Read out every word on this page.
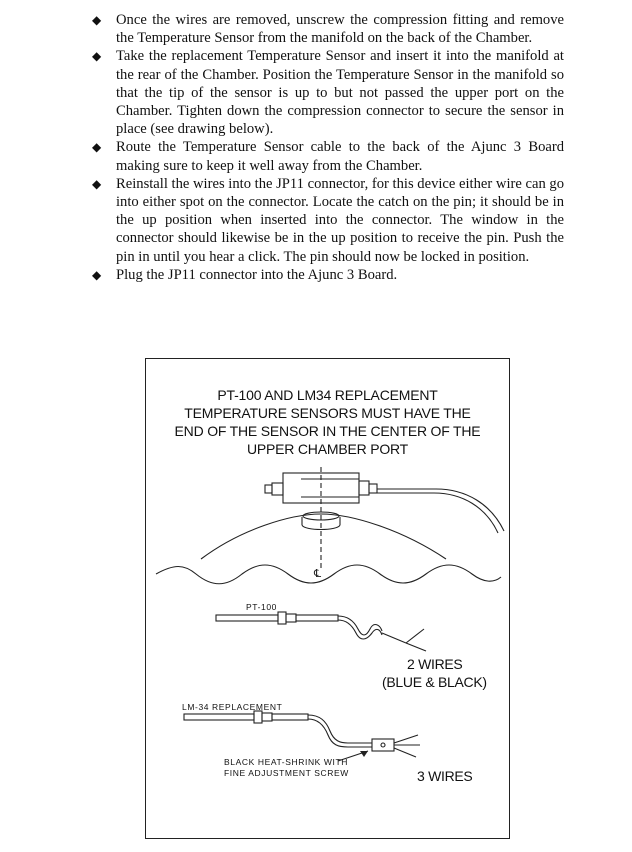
◆ Once the wires are removed, unscrew the compression fitting and remove the Temperature Sensor from the manifold on the back of the Chamber.
◆ Take the replacement Temperature Sensor and insert it into the manifold at the rear of the Chamber. Position the Temperature Sensor in the manifold so that the tip of the sensor is up to but not passed the upper port on the Chamber. Tighten down the compression connector to secure the sensor in place (see drawing below).
◆ Route the Temperature Sensor cable to the back of the Ajunc 3 Board making sure to keep it well away from the Chamber.
◆ Reinstall the wires into the JP11 connector, for this device either wire can go into either spot on the connector. Locate the catch on the pin; it should be in the up position when inserted into the connector. The window in the connector should likewise be in the up position to receive the pin. Push the pin in until you hear a click. The pin should now be locked in position.
◆ Plug the JP11 connector into the Ajunc 3 Board.
PT-100 AND LM34 REPLACEMENT
TEMPERATURE SENSORS MUST HAVE THE
END OF THE SENSOR IN THE CENTER OF THE
UPPER CHAMBER PORT
℄
PT-100
2 WIRES
(BLUE & BLACK)
LM-34 REPLACEMENT
BLACK HEAT-SHRINK WITH
FINE ADJUSTMENT SCREW	3 WIRES
